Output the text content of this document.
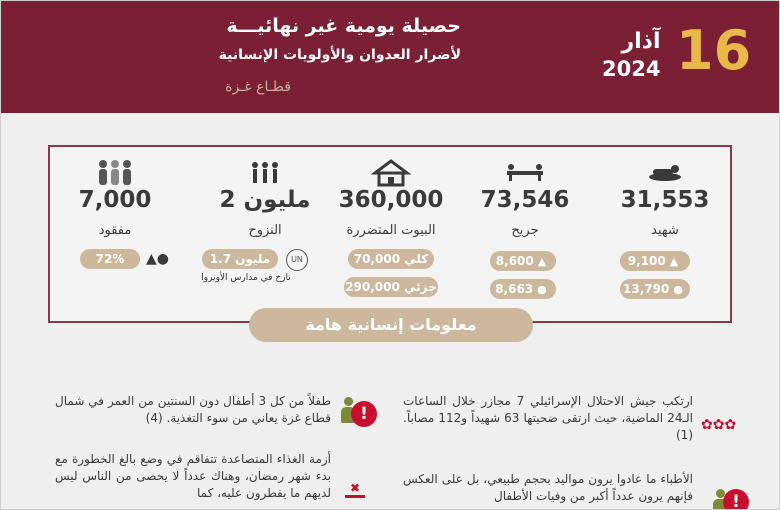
حصيلة يومية غير نهائيـــة
لأضرار العدوان والأولويات الإنسانية
قطـاع غـزة
16
آذار
2024
31,553
شهيد
9,100 ▲
13,790 ●
73,546
جريح
8,600 ▲
8,663 ●
360,000
البيوت المتضررة
70,000 كلي
290,000 جزئي
2 مليون
النزوح
1.7 مليون	UN
نازح في مدارس الأونروا
7,000
مفقود
72%	▲●
معلومات إنسانية هامة
✿✿✿
ارتكب جيش الاحتلال الإسرائيلي 7 مجازر خلال الساعات الـ24 الماضية، حيث ارتقى ضحيتها 63 شهيداً و112 مصاباً. (1)
!
الأطباء ما عادوا يرون مواليد بحجم طبيعي، بل على العكس فإنهم يرون عدداً أكبر من وفيات الأطفال
!
طفلاً من كل 3 أطفال دون السنتين من العمر في شمال قطاع غزة يعاني من سوء التغذية. (4)
✖
أزمة الغذاء المتصاعدة تتفاقم في وضع بالغ الخطورة مع بدء شهر رمضان، وهناك عدداً لا يحصى من الناس ليس لديهم ما يفطرون عليه، كما
